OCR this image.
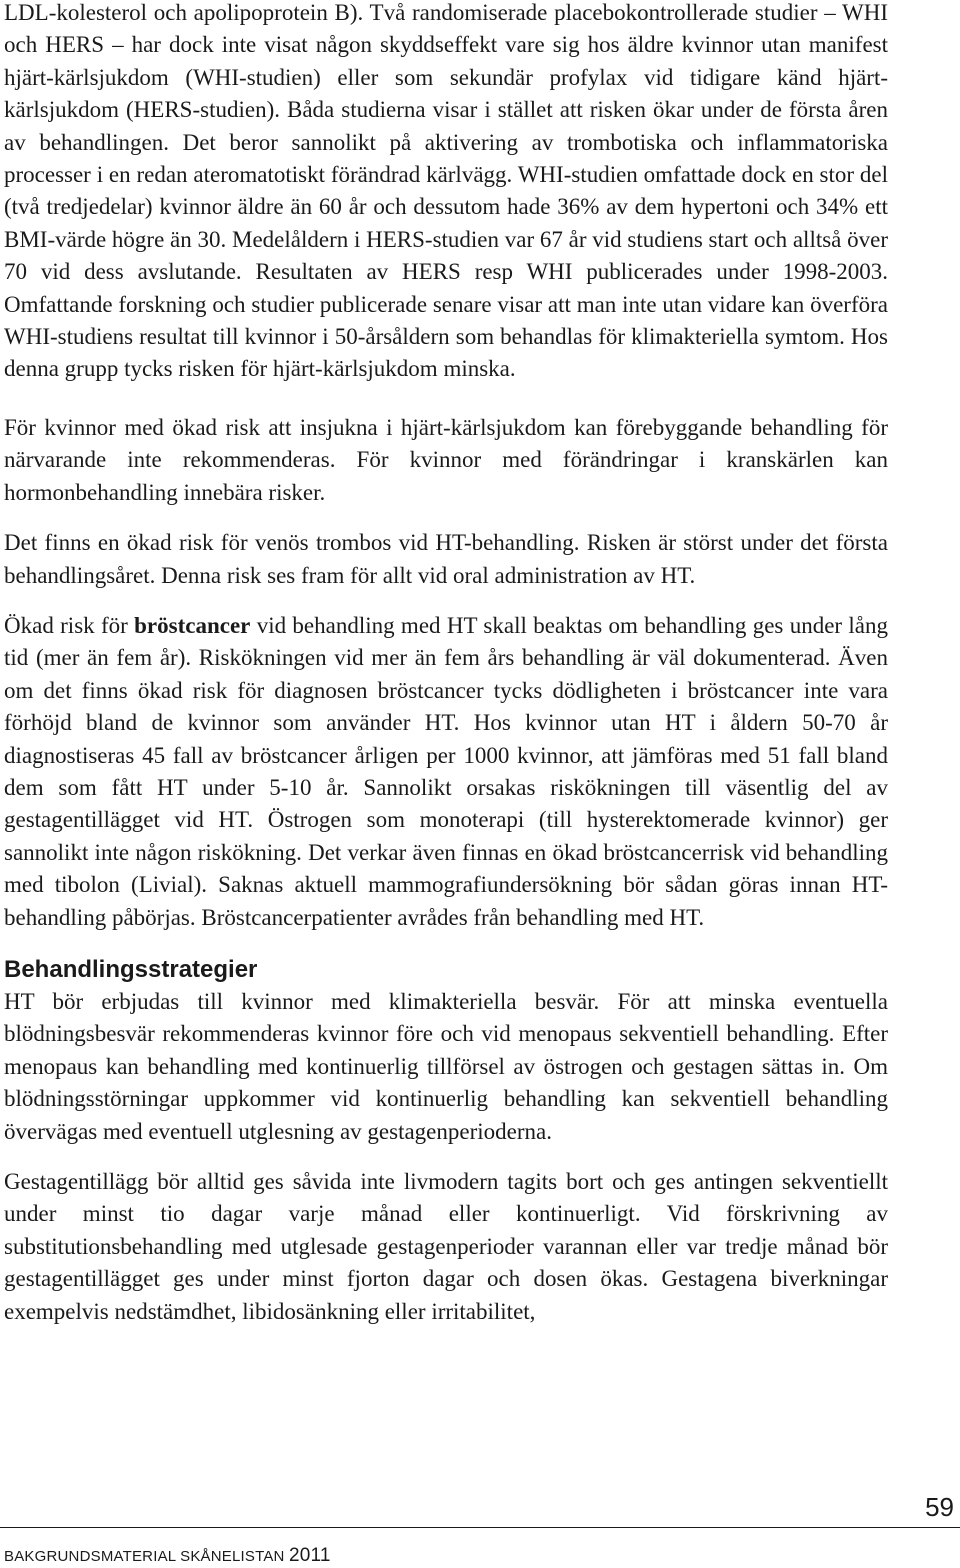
LDL-kolesterol och apolipoprotein B). Två randomiserade placebokontrollerade studier – WHI och HERS – har dock inte visat någon skyddseffekt vare sig hos äldre kvinnor utan manifest hjärt-kärlsjukdom (WHI-studien) eller som sekundär profylax vid tidigare känd hjärt-kärlsjukdom (HERS-studien). Båda studierna visar i stället att risken ökar under de första åren av behandlingen. Det beror sannolikt på aktivering av trombotiska och inflammatoriska processer i en redan ateromatotiskt förändrad kärlvägg. WHI-studien omfattade dock en stor del (två tredjedelar) kvinnor äldre än 60 år och dessutom hade 36% av dem hypertoni och 34% ett BMI-värde högre än 30. Medelåldern i HERS-studien var 67 år vid studiens start och alltså över 70 vid dess avslutande. Resultaten av HERS resp WHI publicerades under 1998-2003. Omfattande forskning och studier publicerade senare visar att man inte utan vidare kan överföra WHI-studiens resultat till kvinnor i 50-årsåldern som behandlas för klimakteriella symtom. Hos denna grupp tycks risken för hjärt-kärlsjukdom minska.

För kvinnor med ökad risk att insjukna i hjärt-kärlsjukdom kan förebyggande behandling för närvarande inte rekommenderas. För kvinnor med förändringar i kranskärlen kan hormonbehandling innebära risker.

Det finns en ökad risk för venös trombos vid HT-behandling. Risken är störst under det första behandlingsåret. Denna risk ses fram för allt vid oral administration av HT.

Ökad risk för bröstcancer vid behandling med HT skall beaktas om behandling ges under lång tid (mer än fem år). Riskökningen vid mer än fem års behandling är väl dokumenterad. Även om det finns ökad risk för diagnosen bröstcancer tycks dödligheten i bröstcancer inte vara förhöjd bland de kvinnor som använder HT. Hos kvinnor utan HT i åldern 50-70 år diagnostiseras 45 fall av bröstcancer årligen per 1000 kvinnor, att jämföras med 51 fall bland dem som fått HT under 5-10 år. Sannolikt orsakas riskökningen till väsentlig del av gestagentillägget vid HT. Östrogen som monoterapi (till hysterektomerade kvinnor) ger sannolikt inte någon riskökning. Det verkar även finnas en ökad bröstcancerrisk vid behandling med tibolon (Livial). Saknas aktuell mammografiundersökning bör sådan göras innan HT-behandling påbörjas. Bröstcancerpatienter avrådes från behandling med HT.

Behandlingsstrategier

HT bör erbjudas till kvinnor med klimakteriella besvär. För att minska eventuella blödningsbesvär rekommenderas kvinnor före och vid menopaus sekventiell behandling. Efter menopaus kan behandling med kontinuerlig tillförsel av östrogen och gestagen sättas in. Om blödningsstörningar uppkommer vid kontinuerlig behandling kan sekventiell behandling övervägas med eventuell utglesning av gestagenperioderna.

Gestagentillägg bör alltid ges såvida inte livmodern tagits bort och ges antingen sekventiellt under minst tio dagar varje månad eller kontinuerligt. Vid förskrivning av substitutionsbehandling med utglesade gestagenperioder varannan eller var tredje månad bör gestagentillägget ges under minst fjorton dagar och dosen ökas. Gestagena biverkningar exempelvis nedstämdhet, libidosänkning eller irritabilitet,

59
BAKGRUNDSMATERIAL SKÅNELISTAN 2011
